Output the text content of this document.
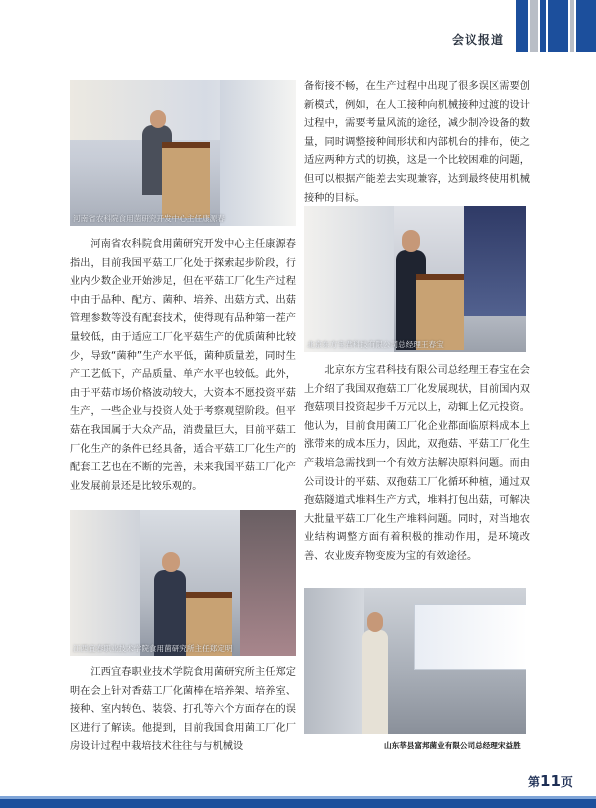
会议报道
河南省农科院食用菌研究开发中心主任康源春

河南省农科院食用菌研究开发中心主任康源春指出，目前我国平菇工厂化处于探索起步阶段，行业内少数企业开始涉足，但在平菇工厂化生产过程中由于品种、配方、菌种、培养、出菇方式、出菇管理参数等没有配套技术，使得现有品种第一茬产量较低，由于适应工厂化平菇生产的优质菌种比较少，导致“菌种”生产水平低，菌种质量差，同时生产工艺低下，产品质量、单产水平也较低。此外，由于平菇市场价格波动较大，大资本不愿投资平菇生产，一些企业与投资人处于考察观望阶段。但平菇在我国属于大众产品，消费量巨大，目前平菇工厂化生产的条件已经具备，适合平菇工厂化生产的配套工艺也在不断的完善，未来我国平菇工厂化产业发展前景还是比较乐观的。

江西宜春职业技术学院食用菌研究所主任郑定明

江西宜春职业技术学院食用菌研究所主任郑定明在会上针对香菇工厂化菌棒在培养架、培养室、接种、室内转色、装袋、打孔等六个方面存在的误区进行了解读。他提到，目前我国食用菌工厂化厂房设计过程中栽培技术往往与与机械设

备衔接不畅，在生产过程中出现了很多误区需要创新模式，例如，在人工接种向机械接种过渡的设计过程中，需要考量风流的途径，减少制冷设备的数量，同时调整接种间形状和内部机台的排布，使之适应两种方式的切换，这是一个比较困难的问题，但可以根据产能差去实现兼容，达到最终使用机械接种的目标。

北京东方宝君科技有限公司总经理王春宝

北京东方宝君科技有限公司总经理王春宝在会上介绍了我国双孢菇工厂化发展现状，目前国内双孢菇项目投资起步千万元以上，动辄上亿元投资。他认为，目前食用菌工厂化企业都面临原料成本上涨带来的成本压力，因此，双孢菇、平菇工厂化生产栽培急需找到一个有效方法解决原料问题。而由公司设计的平菇、双孢菇工厂化循环种植，通过双孢菇隧道式堆料生产方式，堆料打包出菇，可解决大批量平菇工厂化生产堆料问题。同时，对当地农业结构调整方面有着积极的推动作用，是环境改善、农业废弃物变废为宝的有效途径。

山东莘县富邦菌业有限公司总经理宋益胜
第11页
